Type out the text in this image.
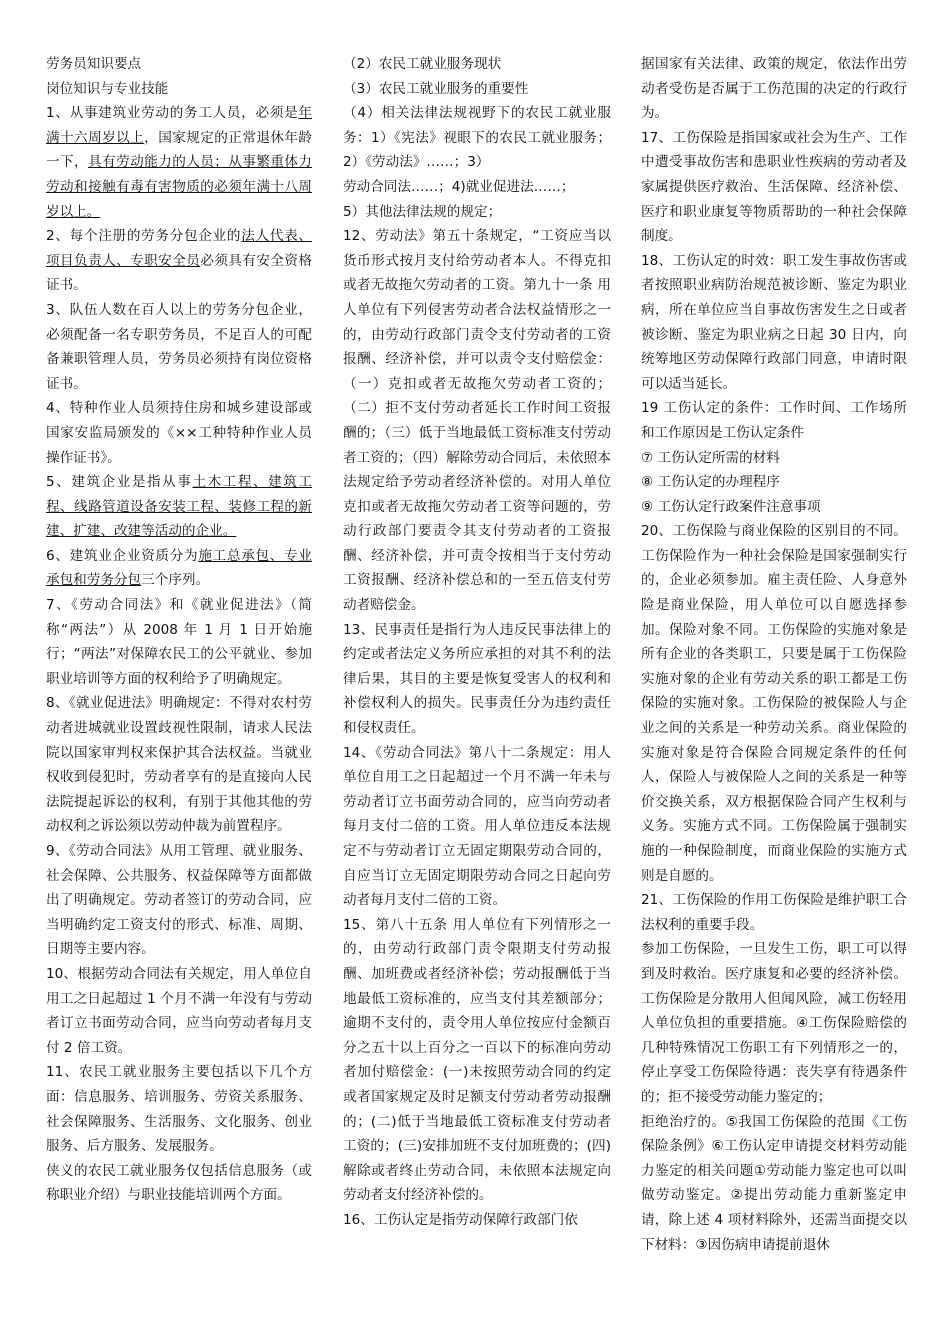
劳务员知识要点

岗位知识与专业技能

1、从事建筑业劳动的务工人员，必须是年满十六周岁以上，国家规定的正常退休年龄一下，具有劳动能力的人员；从事繁重体力劳动和接触有毒有害物质的必须年满十八周岁以上。

2、每个注册的劳务分包企业的法人代表、项目负责人、专职安全员必须具有安全资格证书。

3、队伍人数在百人以上的劳务分包企业，必须配备一名专职劳务员，不足百人的可配备兼职管理人员，劳务员必须持有岗位资格证书。

4、特种作业人员须持住房和城乡建设部或国家安监局颁发的《××工种特种作业人员操作证书》。

5、建筑企业是指从事土木工程、建筑工程、线路管道设备安装工程、装修工程的新建、扩建、改建等活动的企业。

6、建筑业企业资质分为施工总承包、专业承包和劳务分包三个序列。

7、《劳动合同法》和《就业促进法》（简称“两法”）从 2008 年 1 月 1 日开始施行；“两法”对保障农民工的公平就业、参加职业培训等方面的权利给予了明确规定。

8、《就业促进法》明确规定：不得对农村劳动者进城就业设置歧视性限制，请求人民法院以国家审判权来保护其合法权益。当就业权收到侵犯时，劳动者享有的是直接向人民法院提起诉讼的权利，有别于其他其他的劳动权利之诉讼须以劳动仲裁为前置程序。

9、《劳动合同法》从用工管理、就业服务、社会保障、公共服务、权益保障等方面都做出了明确规定。劳动者签订的劳动合同，应当明确约定工资支付的形式、标准、周期、日期等主要内容。

10、根据劳动合同法有关规定，用人单位自用工之日起超过 1 个月不满一年没有与劳动者订立书面劳动合同，应当向劳动者每月支付 2 倍工资。

11、农民工就业服务主要包括以下几个方面：信息服务、培训服务、劳资关系服务、社会保障服务、生活服务、文化服务、创业服务、后方服务、发展服务。

侠义的农民工就业服务仅包括信息服务（或称职业介绍）与职业技能培训两个方面。

（2）农民工就业服务现状

（3）农民工就业服务的重要性

（4）相关法律法规视野下的农民工就业服务：1）《宪法》视眼下的农民工就业服务；2）《劳动法》……；3）

劳动合同法……；4)就业促进法……；

5）其他法律法规的规定；

12、劳动法》第五十条规定，“工资应当以货币形式按月支付给劳动者本人。不得克扣或者无故拖欠劳动者的工资。第九十一条 用人单位有下列侵害劳动者合法权益情形之一的，由劳动行政部门责令支付劳动者的工资报酬、经济补偿，并可以责令支付赔偿金：（一）克扣或者无故拖欠劳动者工资的；（二）拒不支付劳动者延长工作时间工资报酬的；（三）低于当地最低工资标准支付劳动者工资的；（四）解除劳动合同后，未依照本法规定给予劳动者经济补偿的。对用人单位克扣或者无故拖欠劳动者工资等问题的，劳动行政部门要责令其支付劳动者的工资报酬、经济补偿，并可责令按相当于支付劳动工资报酬、经济补偿总和的一至五倍支付劳动者赔偿金。

13、民事责任是指行为人违反民事法律上的约定或者法定义务所应承担的对其不利的法律后果，其目的主要是恢复受害人的权利和补偿权利人的损失。民事责任分为违约责任和侵权责任。

14、《劳动合同法》第八十二条规定：用人单位自用工之日起超过一个月不满一年未与劳动者订立书面劳动合同的，应当向劳动者每月支付二倍的工资。用人单位违反本法规定不与劳动者订立无固定期限劳动合同的，自应当订立无固定期限劳动合同之日起向劳动者每月支付二倍的工资。

15、第八十五条 用人单位有下列情形之一的，由劳动行政部门责令限期支付劳动报酬、加班费或者经济补偿；劳动报酬低于当地最低工资标准的，应当支付其差额部分；逾期不支付的，责令用人单位按应付金额百分之五十以上百分之一百以下的标准向劳动者加付赔偿金：(一)未按照劳动合同的约定或者国家规定及时足额支付劳动者劳动报酬的；(二)低于当地最低工资标准支付劳动者工资的；(三)安排加班不支付加班费的；(四)解除或者终止劳动合同，未依照本法规定向劳动者支付经济补偿的。

16、工伤认定是指劳动保障行政部门依

据国家有关法律、政策的规定，依法作出劳动者受伤是否属于工伤范围的决定的行政行为。

17、工伤保险是指国家或社会为生产、工作中遭受事故伤害和患职业性疾病的劳动者及家属提供医疗救治、生活保障、经济补偿、医疗和职业康复等物质帮助的一种社会保障制度。

18、工伤认定的时效：职工发生事故伤害或者按照职业病防治规范被诊断、鉴定为职业病，所在单位应当自事故伤害发生之日或者被诊断、鉴定为职业病之日起 30 日内，向统筹地区劳动保障行政部门同意，申请时限可以适当延长。

19 工伤认定的条件：工作时间、工作场所和工作原因是工伤认定条件

⑦ 工伤认定所需的材料

⑧ 工伤认定的办理程序

⑨ 工伤认定行政案件注意事项

20、工伤保险与商业保险的区别目的不同。工伤保险作为一种社会保险是国家强制实行的，企业必须参加。雇主责任险、人身意外险是商业保险，用人单位可以自愿选择参加。保险对象不同。工伤保险的实施对象是所有企业的各类职工，只要是属于工伤保险实施对象的企业有劳动关系的职工都是工伤保险的实施对象。工伤保险的被保险人与企业之间的关系是一种劳动关系。商业保险的实施对象是符合保险合同规定条件的任何人，保险人与被保险人之间的关系是一种等价交换关系，双方根据保险合同产生权利与义务。实施方式不同。工伤保险属于强制实施的一种保险制度，而商业保险的实施方式则是自愿的。

21、工伤保险的作用工伤保险是维护职工合法权利的重要手段。

参加工伤保险，一旦发生工伤，职工可以得到及时救治。医疗康复和必要的经济补偿。工伤保险是分散用人但闻风险，减工伤轻用人单位负担的重要措施。④工伤保险赔偿的几种特殊情况工伤职工有下列情形之一的，停止享受工伤保险待遇：丧失享有待遇条件的；拒不接受劳动能力鉴定的；

拒绝治疗的。⑤我国工伤保险的范围《工伤保险条例》⑥工伤认定申请提交材料劳动能力鉴定的相关问题①劳动能力鉴定也可以叫做劳动鉴定。②提出劳动能力重新鉴定申请，除上述 4 项材料除外，还需当面提交以下材料：③因伤病申请提前退休
